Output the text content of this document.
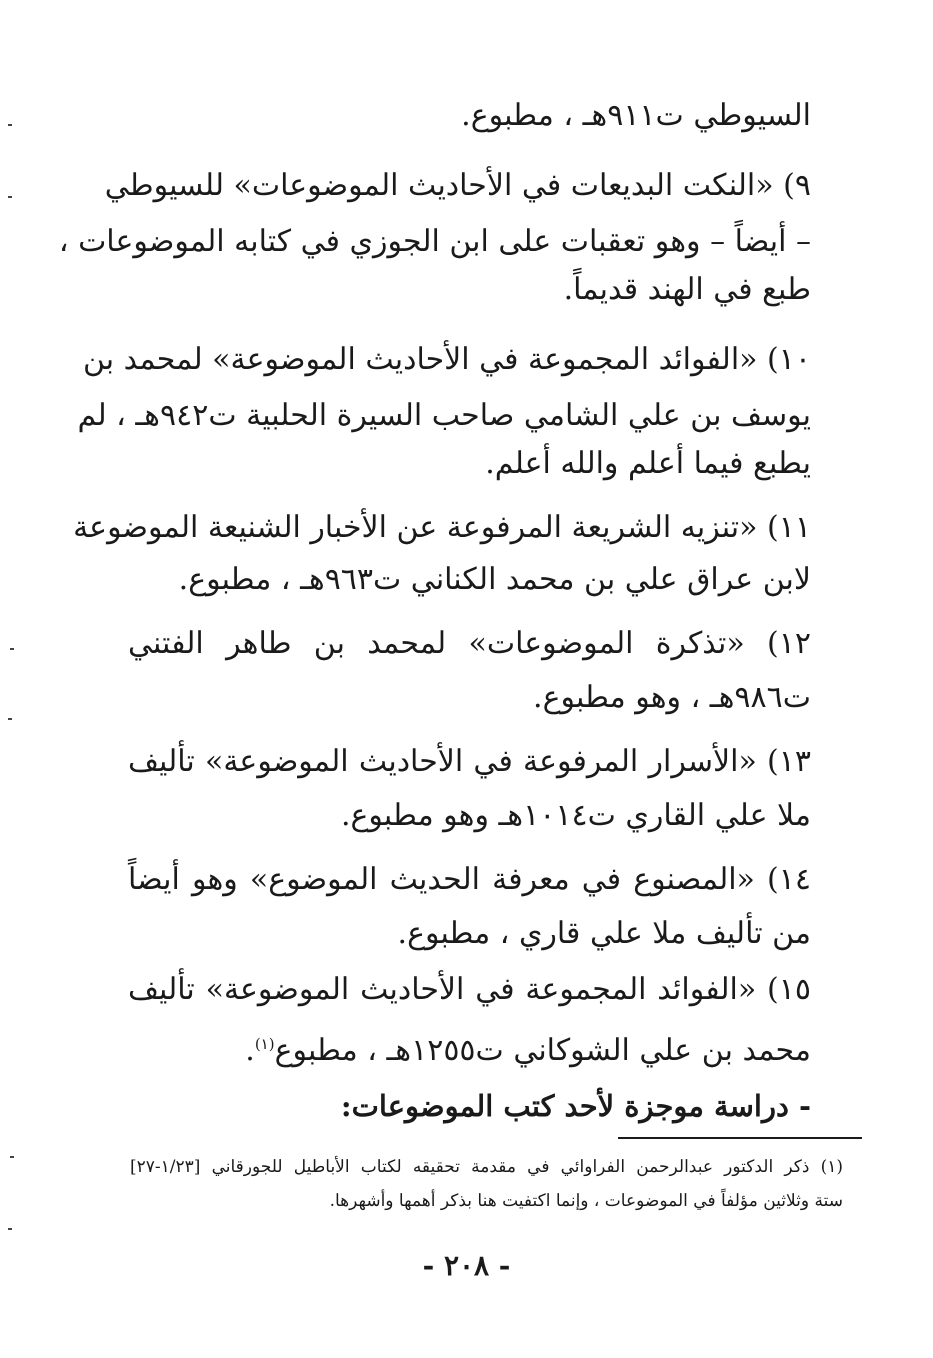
السيوطي ت٩١١هـ ، مطبوع.
٩) «النكت البديعات في الأحاديث الموضوعات» للسيوطي
– أيضاً – وهو تعقبات على ابن الجوزي في كتابه الموضوعات ،
طبع في الهند قديماً.
١٠) «الفوائد المجموعة في الأحاديث الموضوعة» لمحمد بن
يوسف بن علي الشامي صاحب السيرة الحلبية ت٩٤٢هـ ، لم
يطبع فيما أعلم والله أعلم.
١١) «تنزيه الشريعة المرفوعة عن الأخبار الشنيعة الموضوعة
لابن عراق علي بن محمد الكناني ت٩٦٣هـ ، مطبوع.
١٢) «تذكرة الموضوعات» لمحمد بن طاهر الفتني
ت٩٨٦هـ ، وهو مطبوع.
١٣) «الأسرار المرفوعة في الأحاديث الموضوعة» تأليف
ملا علي القاري ت١٠١٤هـ وهو مطبوع.
١٤) «المصنوع في معرفة الحديث الموضوع» وهو أيضاً
من تأليف ملا علي قاري ، مطبوع.
١٥) «الفوائد المجموعة في الأحاديث الموضوعة» تأليف
محمد بن علي الشوكاني ت١٢٥٥هـ ، مطبوع$^{(١)}$.
- دراسة موجزة لأحد كتب الموضوعات:
(١) ذكر الدكتور عبدالرحمن الفراوائي في مقدمة تحقيقه لكتاب الأباطيل للجورقاني [١/٢٣-٢٧]
ستة وثلاثين مؤلفاً في الموضوعات ، وإنما اكتفيت هنا بذكر أهمها وأشهرها.
- ٢٠٨ -
